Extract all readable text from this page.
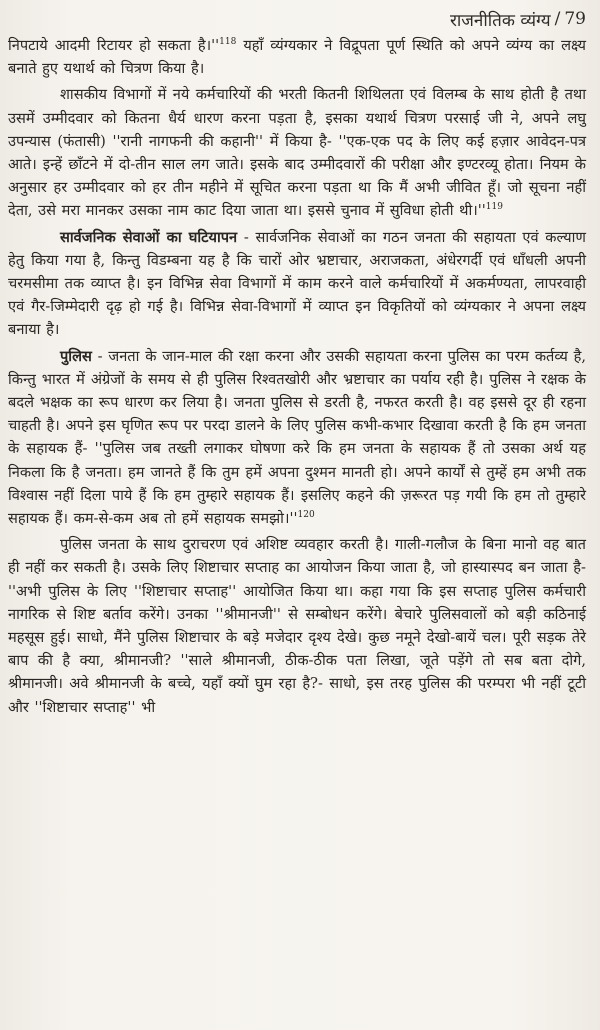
राजनीतिक व्यंग्य / 79

निपटाये आदमी रिटायर हो सकता $है।''^{118}$ यहाँ व्यंग्यकार ने विद्रूपता पूर्ण स्थिति को अपने व्यंग्य का लक्ष्य बनाते हुए यथार्थ को चित्रण किया है।

शासकीय विभागों में नये कर्मचारियों की भरती कितनी शिथिलता एवं विलम्ब के साथ होती है तथा उसमें उम्मीदवार को कितना धैर्य धारण करना पड़ता है, इसका यथार्थ चित्रण परसाई जी ने, अपने लघु उपन्यास (फंतासी) ''रानी नागफनी की कहानी'' में किया है- ''एक-एक पद के लिए कई हज़ार आवेदन-पत्र आते। इन्हें छाँटने में दो-तीन साल लग जाते। इसके बाद उम्मीदवारों की परीक्षा और इण्टरव्यू होता। नियम के अनुसार हर उम्मीदवार को हर तीन महीने में सूचित करना पड़ता था कि मैं अभी जीवित हूँ। जो सूचना नहीं देता, उसे मरा मानकर उसका नाम काट दिया जाता था। इससे चुनाव में सुविधा होती $थी।''^{119}$

सार्वजनिक सेवाओं का घटियापन - सार्वजनिक सेवाओं का गठन जनता की सहायता एवं कल्याण हेतु किया गया है, किन्तु विडम्बना यह है कि चारों ओर भ्रष्टाचार, अराजकता, अंधेरगर्दी एवं धाँधली अपनी चरमसीमा तक व्याप्त है। इन विभिन्न सेवा विभागों में काम करने वाले कर्मचारियों में अकर्मण्यता, लापरवाही एवं गैर-जिम्मेदारी दृढ़ हो गई है। विभिन्न सेवा-विभागों में व्याप्त इन विकृतियों को व्यंग्यकार ने अपना लक्ष्य बनाया है।

पुलिस - जनता के जान-माल की रक्षा करना और उसकी सहायता करना पुलिस का परम कर्तव्य है, किन्तु भारत में अंग्रेजों के समय से ही पुलिस रिश्वतखोरी और भ्रष्टाचार का पर्याय रही है। पुलिस ने रक्षक के बदले भक्षक का रूप धारण कर लिया है। जनता पुलिस से डरती है, नफरत करती है। वह इससे दूर ही रहना चाहती है। अपने इस घृणित रूप पर परदा डालने के लिए पुलिस कभी-कभार दिखावा करती है कि हम जनता के सहायक हैं- ''पुलिस जब तख्ती लगाकर घोषणा करे कि हम जनता के सहायक हैं तो उसका अर्थ यह निकला कि है जनता। हम जानते हैं कि तुम हमें अपना दुश्मन मानती हो। अपने कार्यों से तुम्हें हम अभी तक विश्वास नहीं दिला पाये हैं कि हम तुम्हारे सहायक हैं। इसलिए कहने की ज़रूरत पड़ गयी कि हम तो तुम्हारे सहायक हैं। कम-से-कम अब तो हमें सहायक $समझो।''^{120}$

पुलिस जनता के साथ दुराचरण एवं अशिष्ट व्यवहार करती है। गाली-गलौज के बिना मानो वह बात ही नहीं कर सकती है। उसके लिए शिष्टाचार सप्ताह का आयोजन किया जाता है, जो हास्यास्पद बन जाता है- ''अभी पुलिस के लिए ''शिष्टाचार सप्ताह'' आयोजित किया था। कहा गया कि इस सप्ताह पुलिस कर्मचारी नागरिक से शिष्ट बर्ताव करेंगे। उनका ''श्रीमानजी'' से सम्बोधन करेंगे। बेचारे पुलिसवालों को बड़ी कठिनाई महसूस हुई। साधो, मैंने पुलिस शिष्टाचार के बड़े मजेदार दृश्य देखे। कुछ नमूने देखो-बायें चल। पूरी सड़क तेरे बाप की है क्या, श्रीमानजी? ''साले श्रीमानजी, ठीक-ठीक पता लिखा, जूते पड़ेंगे तो सब बता दोगे, श्रीमानजी। अवे श्रीमानजी के बच्चे, यहाँ क्यों घुम रहा है?- साधो, इस तरह पुलिस की परम्परा भी नहीं टूटी और ''शिष्टाचार सप्ताह'' भी
